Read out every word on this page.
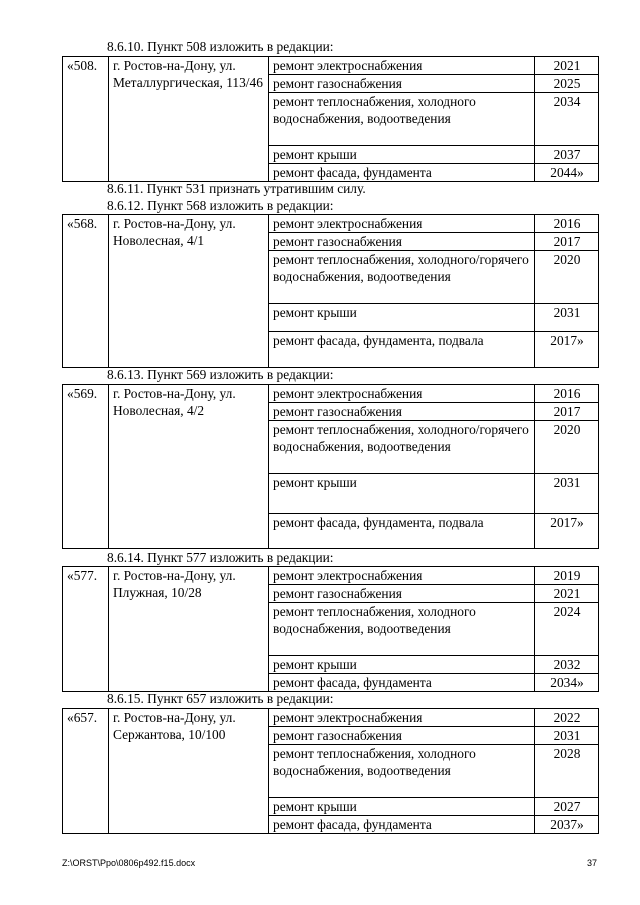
8.6.10. Пункт 508 изложить в редакции:
«508.	г. Ростов-на-Дону, ул. Металлургическая, 113/46	ремонт электроснабжения	2021
		ремонт газоснабжения	2025
		ремонт теплоснабжения, холодного водоснабжения, водоотведения	2034
		ремонт крыши	2037
		ремонт фасада, фундамента	2044»
8.6.11. Пункт 531 признать утратившим силу.
8.6.12. Пункт 568 изложить в редакции:
«568.	г. Ростов-на-Дону, ул. Новолесная, 4/1	ремонт электроснабжения	2016
		ремонт газоснабжения	2017
		ремонт теплоснабжения, холодного/горячего водоснабжения, водоотведения	2020
		ремонт крыши	2031
		ремонт фасада, фундамента, подвала	2017»
8.6.13. Пункт 569 изложить в редакции:
«569.	г. Ростов-на-Дону, ул. Новолесная, 4/2	ремонт электроснабжения	2016
		ремонт газоснабжения	2017
		ремонт теплоснабжения, холодного/горячего водоснабжения, водоотведения	2020
		ремонт крыши	2031
		ремонт фасада, фундамента, подвала	2017»
8.6.14. Пункт 577 изложить в редакции:
«577.	г. Ростов-на-Дону, ул. Плужная, 10/28	ремонт электроснабжения	2019
		ремонт газоснабжения	2021
		ремонт теплоснабжения, холодного водоснабжения, водоотведения	2024
		ремонт крыши	2032
		ремонт фасада, фундамента	2034»
8.6.15. Пункт 657 изложить в редакции:
«657.	г. Ростов-на-Дону, ул. Сержантова, 10/100	ремонт электроснабжения	2022
		ремонт газоснабжения	2031
		ремонт теплоснабжения, холодного водоснабжения, водоотведения	2028
		ремонт крыши	2027
		ремонт фасада, фундамента	2037»
Z:\ORST\Ppo\0806p492.f15.docx	37
